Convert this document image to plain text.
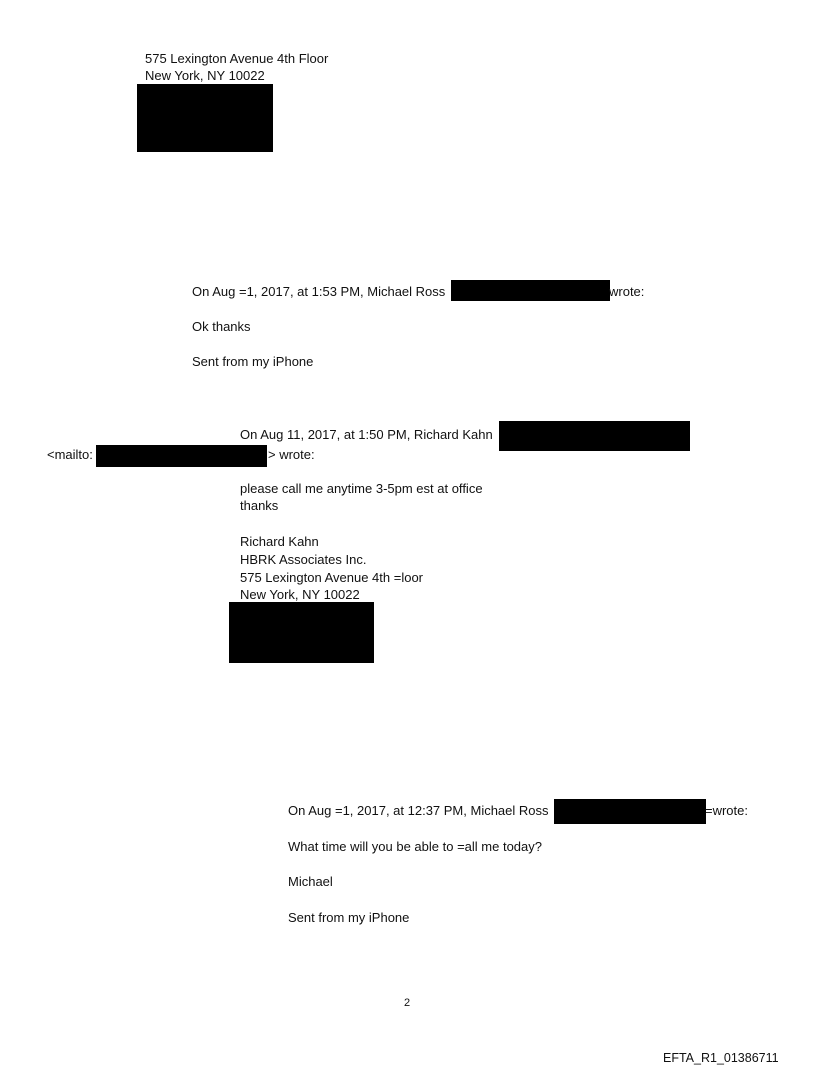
575 Lexington Avenue 4th Floor
New York, NY 10022
On Aug =1, 2017, at 1:53 PM, Michael Ross	wrote:
Ok thanks
Sent from my iPhone
On Aug 11, 2017, at 1:50 PM, Richard Kahn
<mailto:	> wrote:
please call me anytime 3-5pm est at office
thanks
Richard Kahn
HBRK Associates Inc.
575 Lexington Avenue 4th =loor
New York, NY 10022
On Aug =1, 2017, at 12:37 PM, Michael Ross	=wrote:
What time will you be able to =all me today?
Michael
Sent from my iPhone
2
EFTA_R1_01386711
